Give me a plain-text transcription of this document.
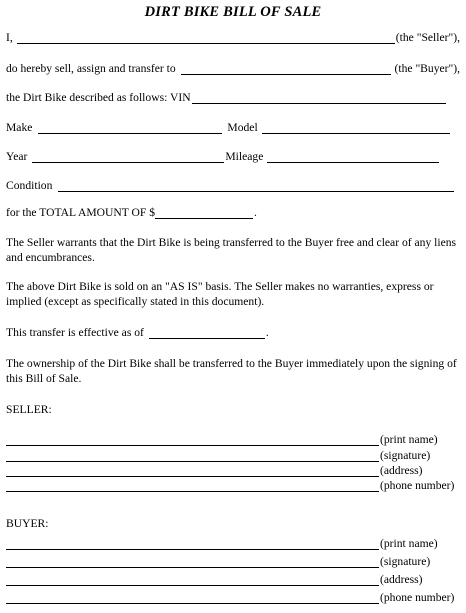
DIRT BIKE BILL OF SALE
I,	(the "Seller"),
do hereby sell, assign and transfer to	(the "Buyer"),
the Dirt Bike described as follows: VIN
Make	Model
Year	Mileage
Condition
for the TOTAL AMOUNT OF $	.
The Seller warrants that the Dirt Bike is being transferred to the Buyer free and clear of any liens and encumbrances.
The above Dirt Bike is sold on an "AS IS" basis. The Seller makes no warranties, express or implied (except as specifically stated in this document).
This transfer is effective as of	.
The ownership of the Dirt Bike shall be transferred to the Buyer immediately upon the signing of this Bill of Sale.
SELLER:
(print name)
(signature)
(address)
(phone number)
BUYER:
(print name)
(signature)
(address)
(phone number)
